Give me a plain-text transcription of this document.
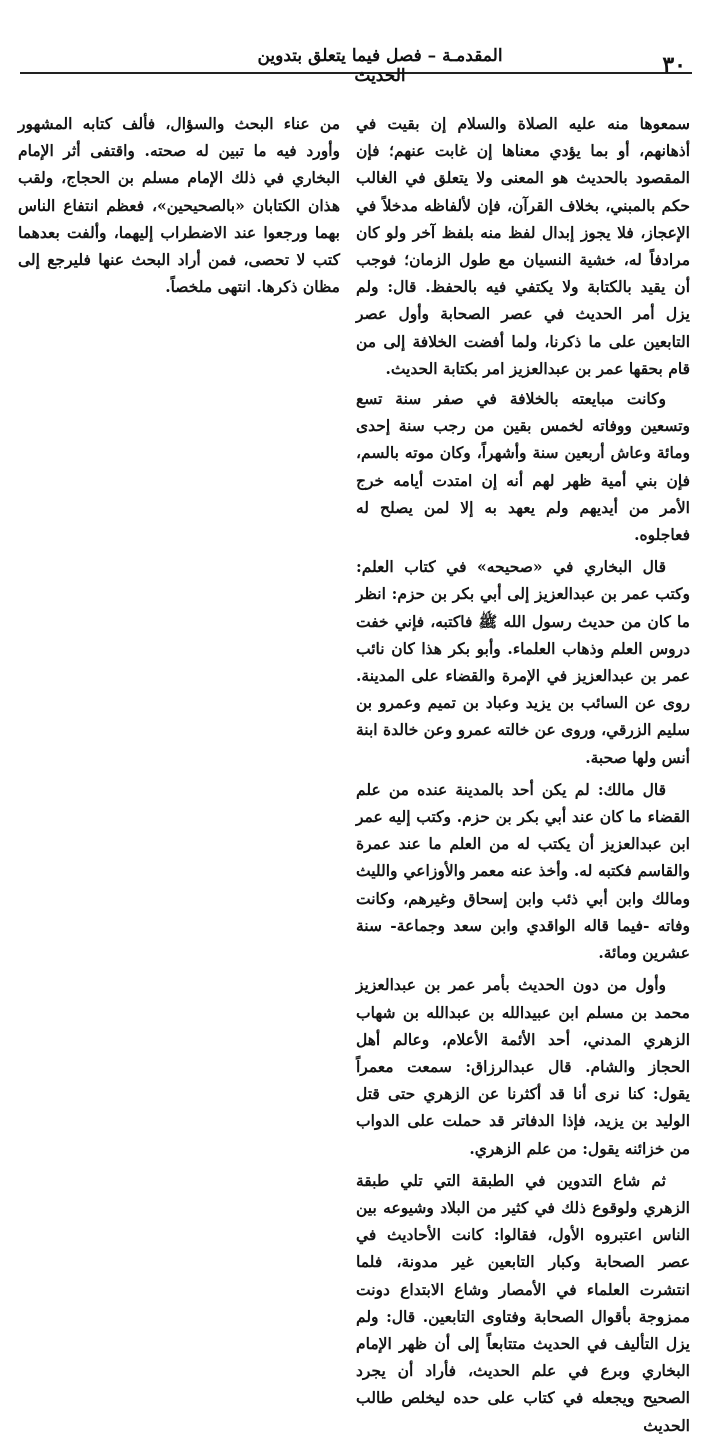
٣٠
المقدمـة – فصل فيما يتعلق بتدوين الحديث

سمعوها منه عليه الصلاة والسلام إن بقيت في أذهانهم، أو بما يؤدي معناها إن غابت عنهم؛ فإن المقصود بالحديث هو المعنى ولا يتعلق في الغالب حكم بالمبني، بخلاف القرآن، فإن لألفاظه مدخلاً في الإعجاز، فلا يجوز إبدال لفظ منه بلفظ آخر ولو كان مرادفاً له، خشية النسيان مع طول الزمان؛ فوجب أن يقيد بالكتابة ولا يكتفي فيه بالحفظ. قال: ولم يزل أمر الحديث في عصر الصحابة وأول عصر التابعين على ما ذكرنا، ولما أفضت الخلافة إلى من قام بحقها عمر بن عبدالعزيز امر بكتابة الحديث.

وكانت مبايعته بالخلافة في صفر سنة تسع وتسعين ووفاته لخمس بقين من رجب سنة إحدى ومائة وعاش أربعين سنة وأشهراً، وكان موته بالسم، فإن بني أمية ظهر لهم أنه إن امتدت أيامه خرج الأمر من أيديهم ولم يعهد به إلا لمن يصلح له فعاجلوه.

قال البخاري في «صحيحه» في كتاب العلم: وكتب عمر بن عبدالعزيز إلى أبي بكر بن حزم: انظر ما كان من حديث رسول الله ﷺ فاكتبه، فإني خفت دروس العلم وذهاب العلماء. وأبو بكر هذا كان نائب عمر بن عبدالعزيز في الإمرة والقضاء على المدينة. روى عن السائب بن يزيد وعباد بن تميم وعمرو بن سليم الزرقي، وروى عن خالته عمرو وعن خالدة ابنة أنس ولها صحبة.

قال مالك: لم يكن أحد بالمدينة عنده من علم القضاء ما كان عند أبي بكر بن حزم. وكتب إليه عمر ابن عبدالعزيز أن يكتب له من العلم ما عند عمرة والقاسم فكتبه له. وأخذ عنه معمر والأوزاعي والليث ومالك وابن أبي ذئب وابن إسحاق وغيرهم، وكانت وفاته -فيما قاله الواقدي وابن سعد وجماعة- سنة عشرين ومائة.

وأول من دون الحديث بأمر عمر بن عبدالعزيز محمد بن مسلم ابن عبيدالله بن عبدالله بن شهاب الزهري المدني، أحد الأئمة الأعلام، وعالم أهل الحجاز والشام. قال عبدالرزاق: سمعت معمراً يقول: كنا نرى أنا قد أكثرنا عن الزهري حتى قتل الوليد بن يزيد، فإذا الدفاتر قد حملت على الدواب من خزائنه يقول: من علم الزهري.

ثم شاع التدوين في الطبقة التي تلي طبقة الزهري ولوقوع ذلك في كثير من البلاد وشيوعه بين الناس اعتبروه الأول، فقالوا: كانت الأحاديث في عصر الصحابة وكبار التابعين غير مدونة، فلما انتشرت العلماء في الأمصار وشاع الابتداع دونت ممزوجة بأقوال الصحابة وفتاوى التابعين. قال: ولم يزل التأليف في الحديث متتابعاً إلى أن ظهر الإمام البخاري وبرع في علم الحديث، فأراد أن يجرد الصحيح ويجعله في كتاب على حده ليخلص طالب الحديث

من عناء البحث والسؤال، فألف كتابه المشهور وأورد فيه ما تبين له صحته. واقتفى أثر الإمام البخاري في ذلك الإمام مسلم بن الحجاج، ولقب هذان الكتابان «بالصحيحين»، فعظم انتفاع الناس بهما ورجعوا عند الاضطراب إليهما، وألفت بعدهما كتب لا تحصى، فمن أراد البحث عنها فليرجع إلى مظان ذكرها. انتهى ملخصاً.
